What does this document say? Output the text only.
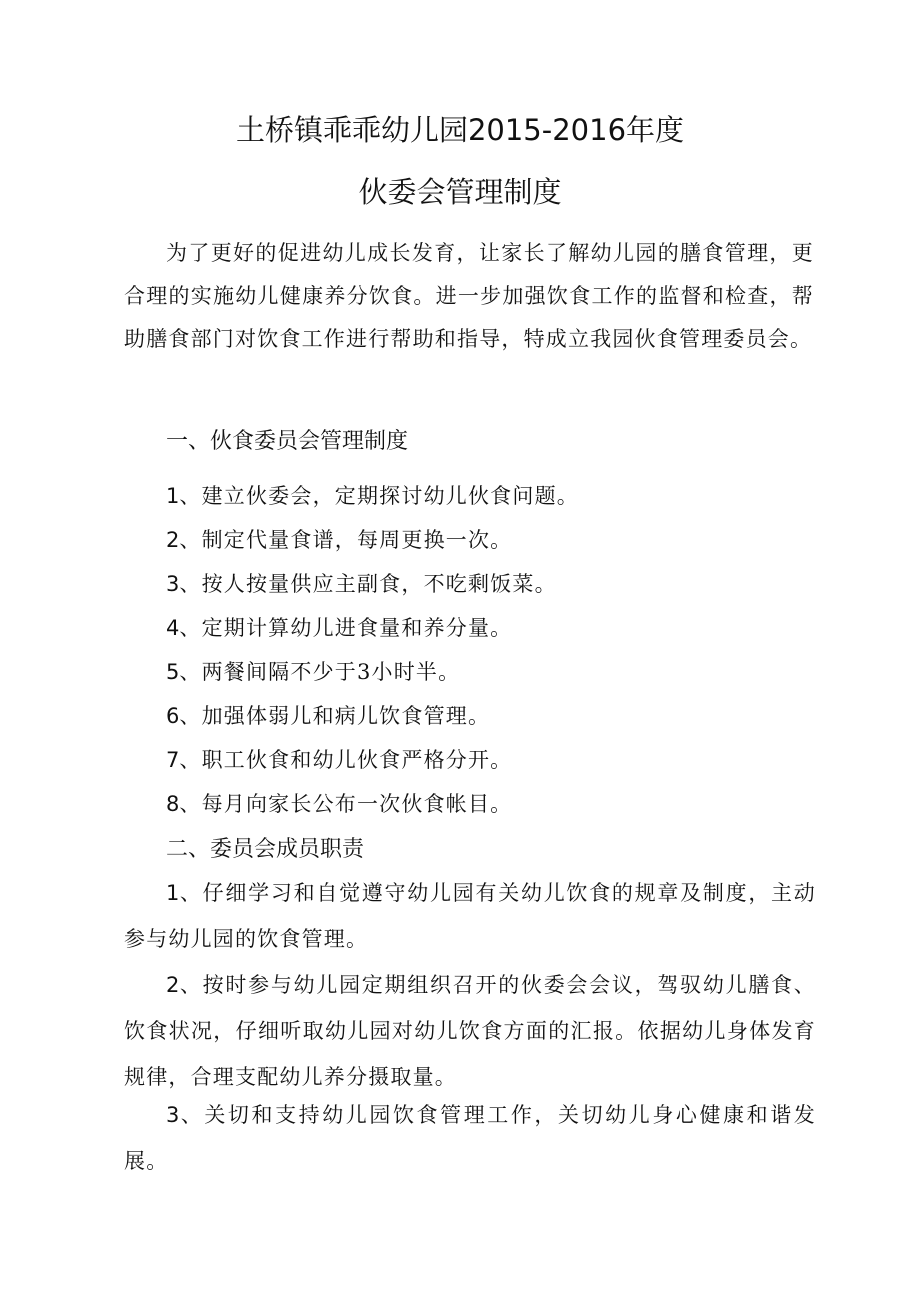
土桥镇乖乖幼儿园2015-2016年度
伙委会管理制度

为了更好的促进幼儿成长发育，让家长了解幼儿园的膳食管理，更合理的实施幼儿健康养分饮食。进一步加强饮食工作的监督和检查，帮助膳食部门对饮食工作进行帮助和指导，特成立我园伙食管理委员会。

一、伙食委员会管理制度

1、建立伙委会，定期探讨幼儿伙食问题。

2、制定代量食谱，每周更换一次。

3、按人按量供应主副食，不吃剩饭菜。

4、定期计算幼儿进食量和养分量。

5、两餐间隔不少于3小时半。

6、加强体弱儿和病儿饮食管理。

7、职工伙食和幼儿伙食严格分开。

8、每月向家长公布一次伙食帐目。

二、委员会成员职责

1、仔细学习和自觉遵守幼儿园有关幼儿饮食的规章及制度，主动参与幼儿园的饮食管理。

2、按时参与幼儿园定期组织召开的伙委会会议，驾驭幼儿膳食、饮食状况，仔细听取幼儿园对幼儿饮食方面的汇报。依据幼儿身体发育规律，合理支配幼儿养分摄取量。

3、关切和支持幼儿园饮食管理工作，关切幼儿身心健康和谐发展。
